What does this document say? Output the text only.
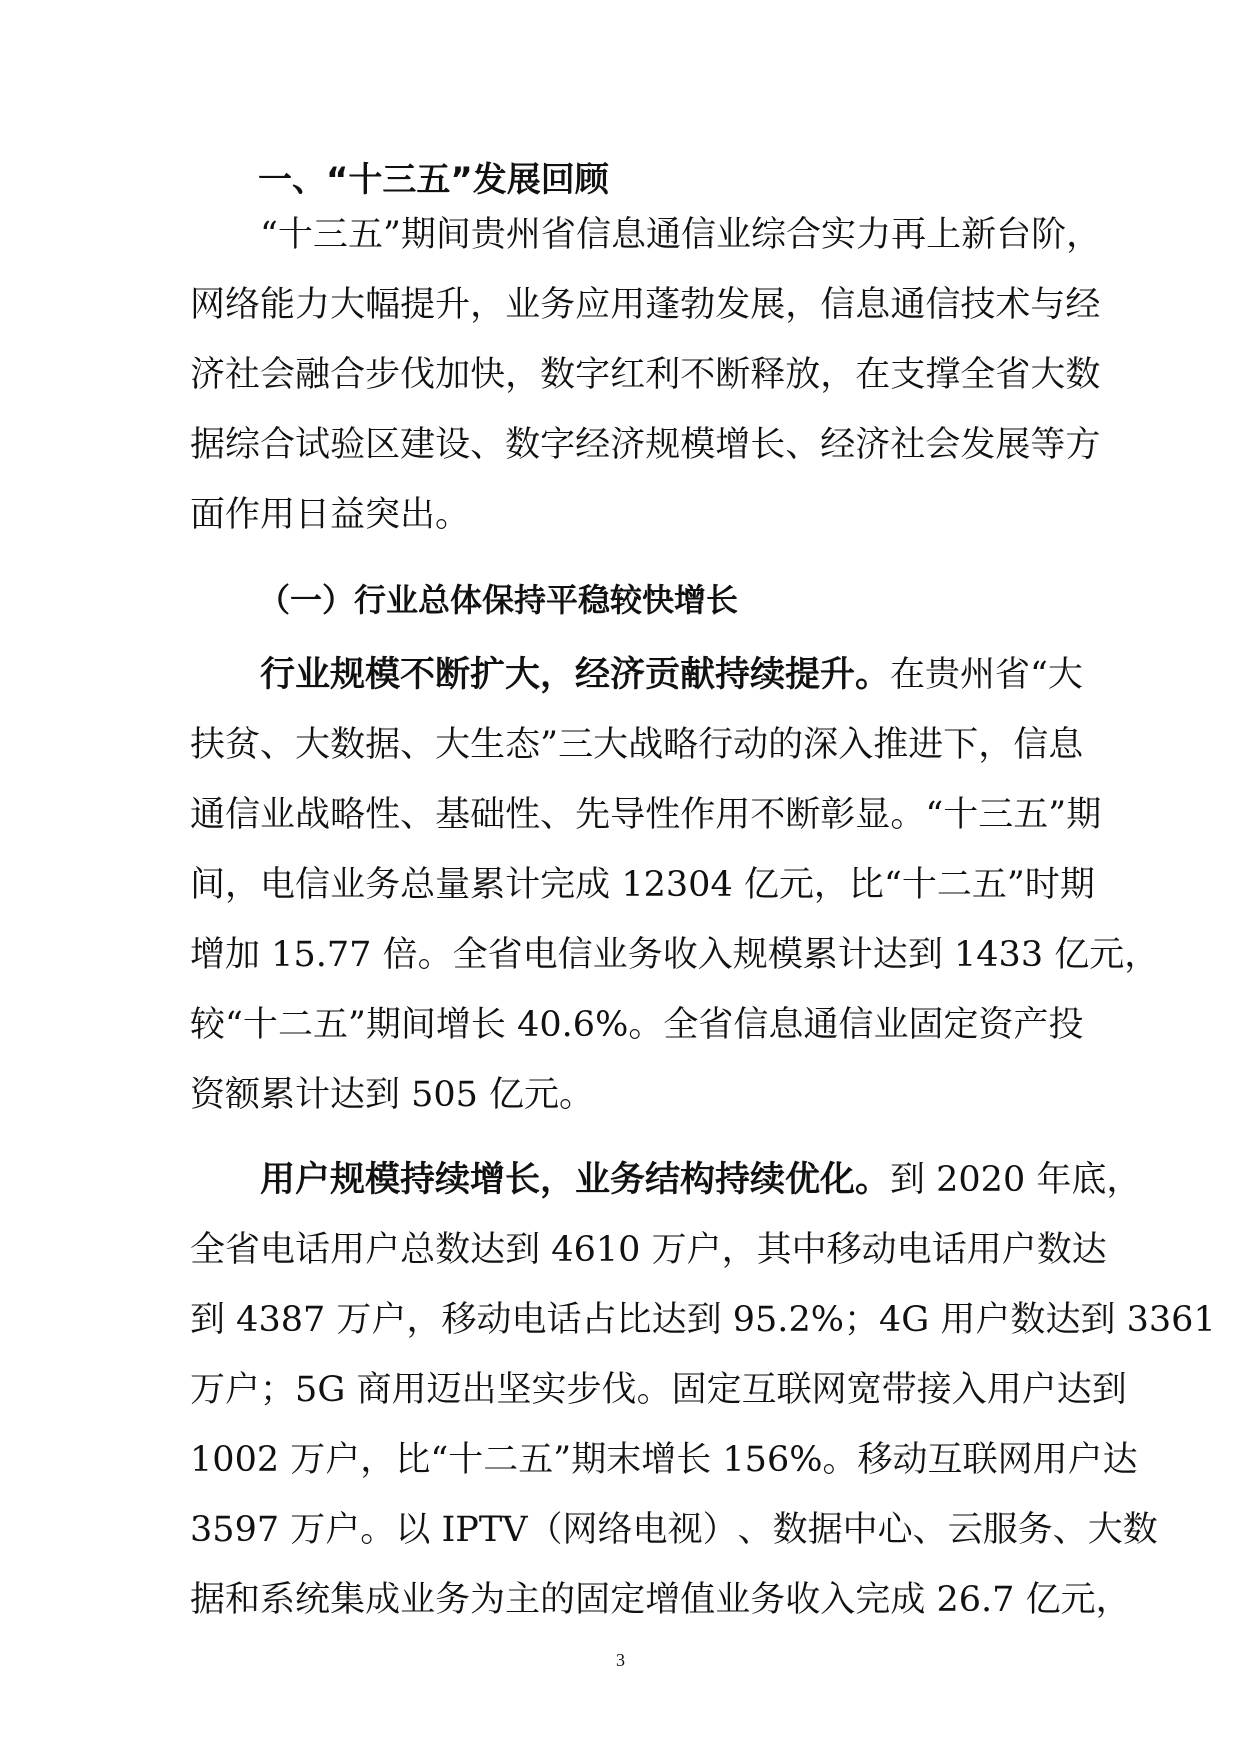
一、“十三五”发展回顾
“ 十 三 五 ” 期 间 贵 州 省 信 息 通 信 业 综 合 实 力 再 上 新 台 阶 ，
网 络 能 力 大 幅 提 升 ， 业 务 应 用 蓬 勃 发 展 ， 信 息 通 信 技 术 与 经
济 社 会 融 合 步 伐 加 快 ， 数 字 红 利 不 断 释 放 ， 在 支 撑 全 省 大 数
据 综 合 试 验 区 建 设 、 数 字 经 济 规 模 增 长 、 经 济 社 会 发 展 等 方
面作用日益突出。
（一）行业总体保持平稳较快增长
行业规模不断扩大，经济贡献持续提升。 在贵州省“大
扶 贫 、 大 数 据 、 大 生 态 ” 三 大 战 略 行 动 的 深 入 推 进 下 ， 信 息
通 信 业 战 略 性 、 基 础 性 、 先 导 性 作 用 不 断 彰 显 。 “ 十 三 五 ” 期
间 ， 电 信 业 务 总 量 累 计 完 成
1 2 3 0 4
亿 元 ， 比 “ 十 二 五 ” 时 期
增 加
1 5 . 7 7
倍 。 全 省 电 信 业 务 收 入 规 模 累 计 达 到
1 4 3 3
亿 元 ，
较 “ 十 二 五 ” 期 间 增 长
4 0 . 6 % 。 全 省 信 息 通 信 业 固 定 资 产 投
资额累计达到 505 亿元。
用户规模持续增长，业务结构持续优化。 到 2020 年底，
全 省 电 话 用 户 总 数 达 到
4 6 1 0
万 户 ， 其 中 移 动 电 话 用 户 数 达
到
4 3 8 7
万 户 ， 移 动 电 话 占 比 达 到
9 5 . 2 % ； 4 G
用 户 数 达 到
3 3 6 1
万 户 ； 5 G
商 用 迈 出 坚 实 步 伐 。 固 定 互 联 网 宽 带 接 入 用 户 达 到
1 0 0 2
万 户 ， 比 “ 十 二 五 ” 期 末 增 长
1 5 6 % 。 移 动 互 联 网 用 户 达
3 5 9 7
万 户 。 以
I P T V （ 网 络 电 视 ） 、 数 据 中 心 、 云 服 务 、 大 数
据 和 系 统 集 成 业 务 为 主 的 固 定 增 值 业 务 收 入 完 成
2 6 . 7
亿 元 ，
3
